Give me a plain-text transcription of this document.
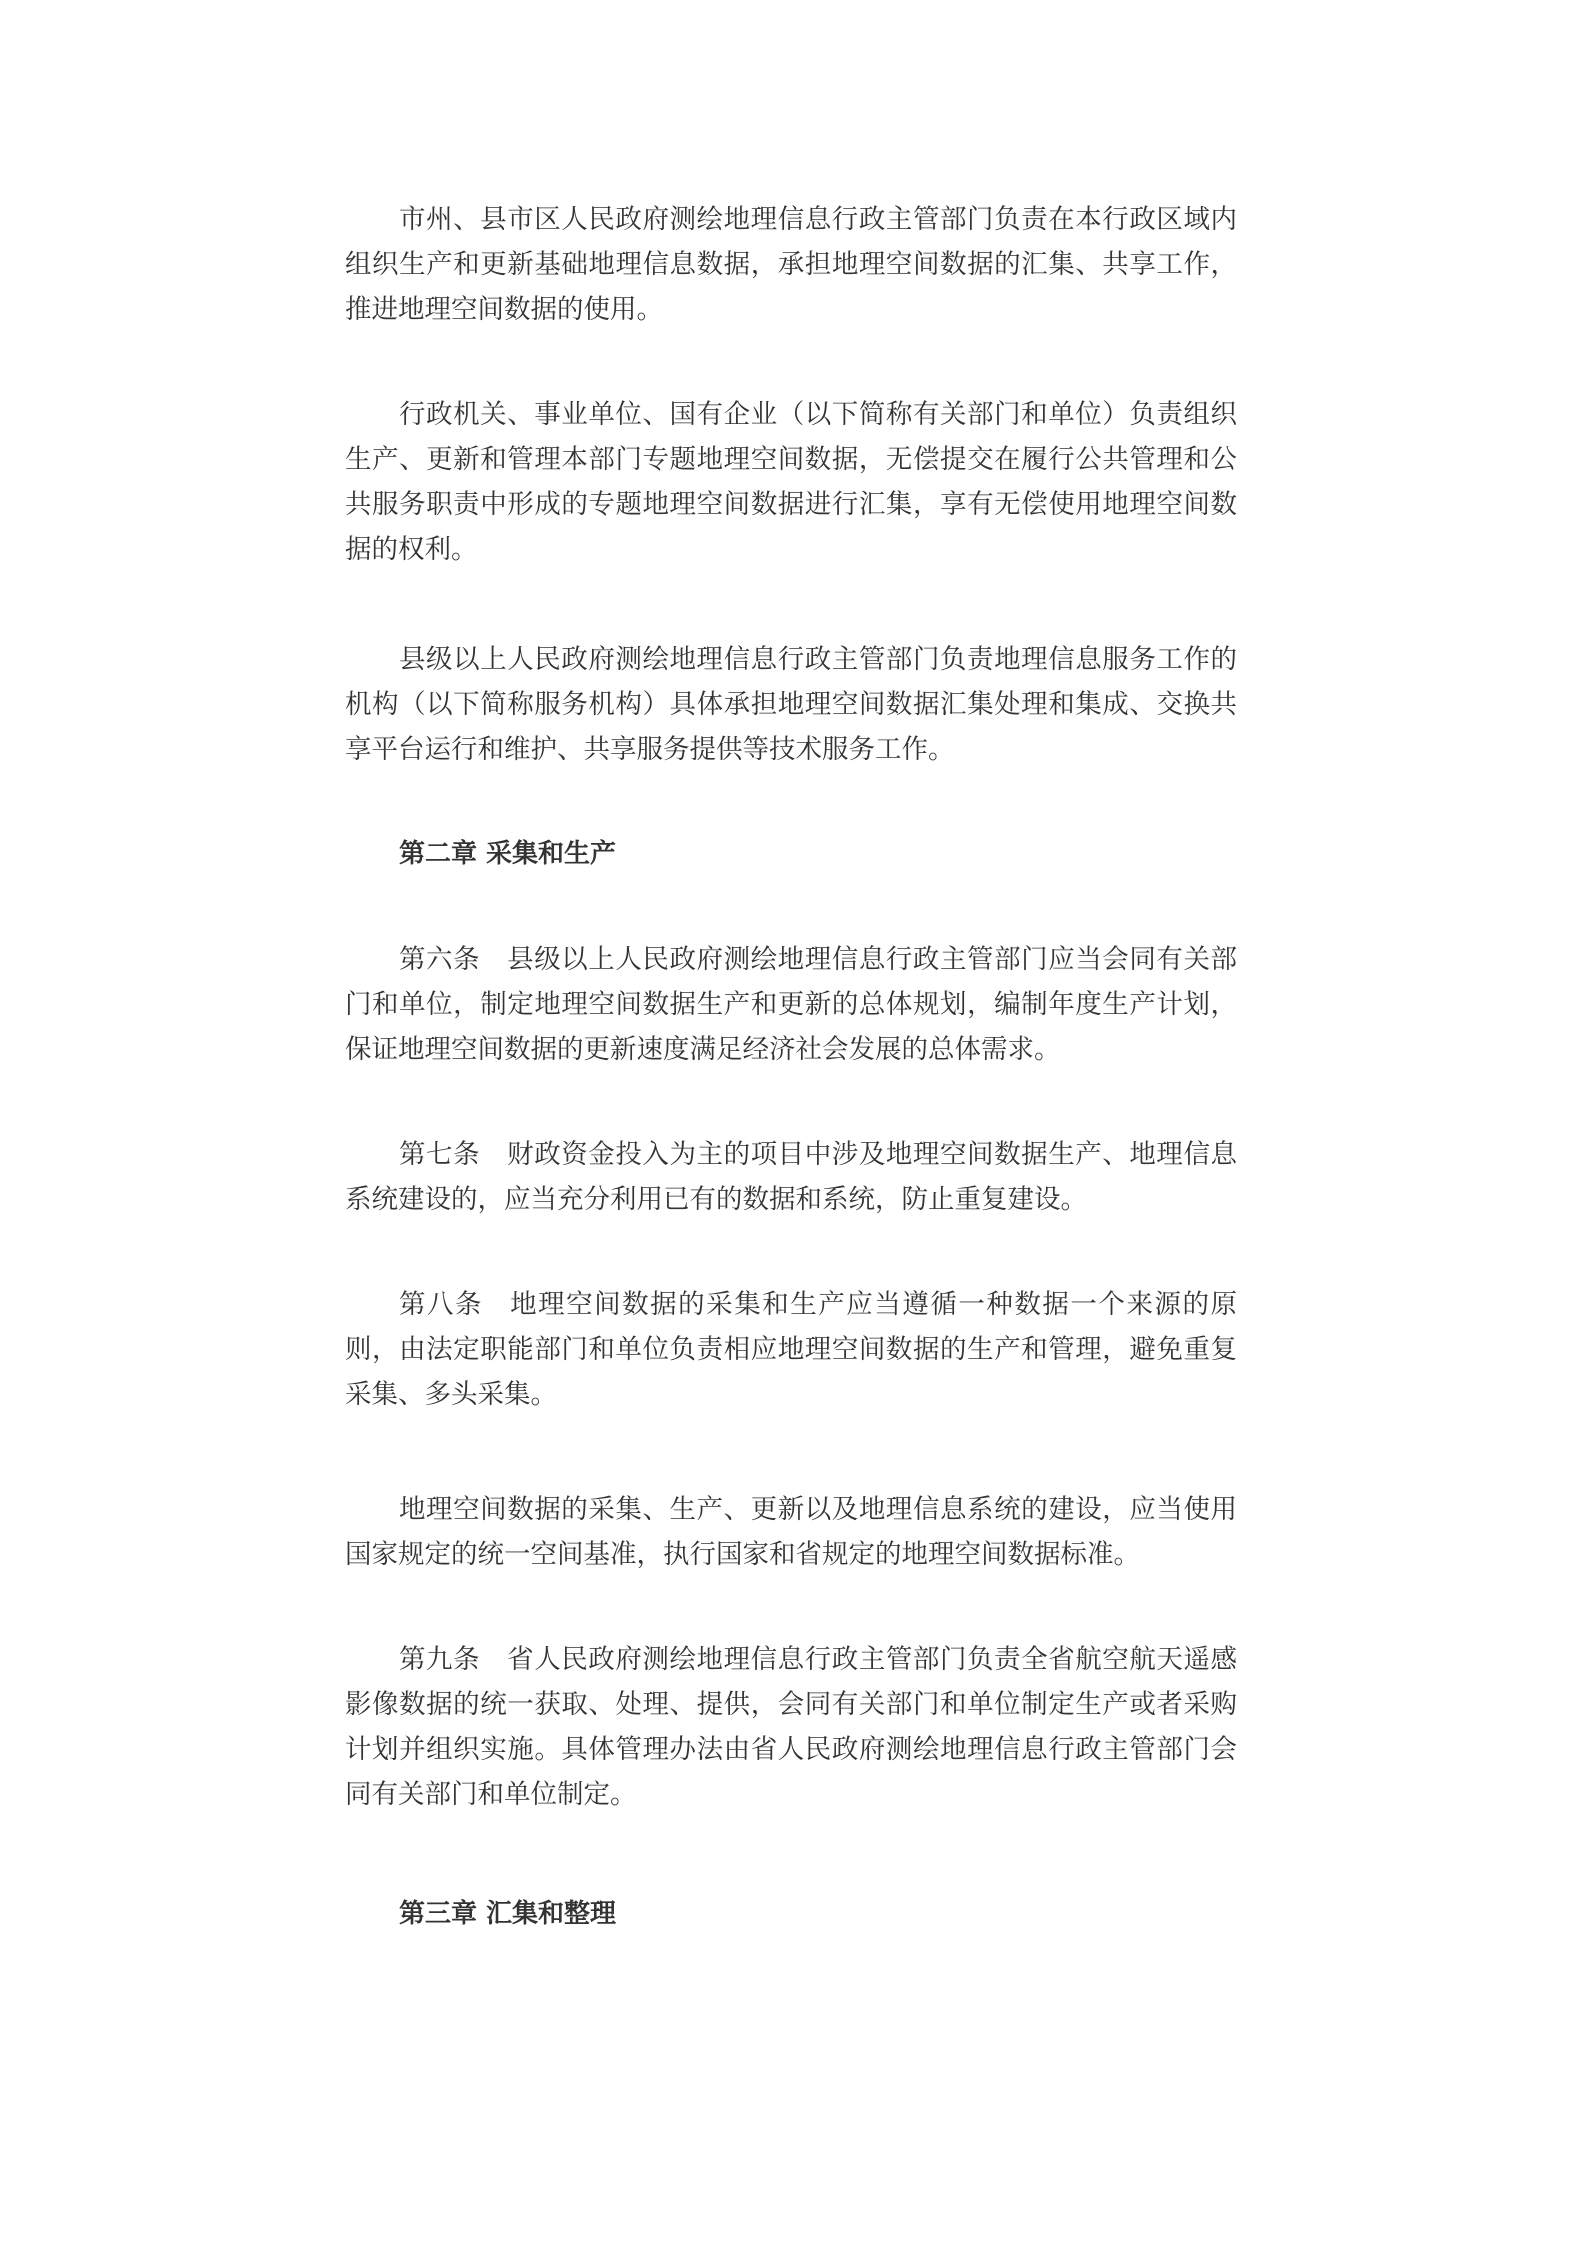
市州、县市区人民政府测绘地理信息行政主管部门负责在本行政区域内组织生产和更新基础地理信息数据，承担地理空间数据的汇集、共享工作，推进地理空间数据的使用。

行政机关、事业单位、国有企业（以下简称有关部门和单位）负责组织生产、更新和管理本部门专题地理空间数据，无偿提交在履行公共管理和公共服务职责中形成的专题地理空间数据进行汇集，享有无偿使用地理空间数据的权利。

县级以上人民政府测绘地理信息行政主管部门负责地理信息服务工作的机构（以下简称服务机构）具体承担地理空间数据汇集处理和集成、交换共享平台运行和维护、共享服务提供等技术服务工作。

第二章 采集和生产

第六条 县级以上人民政府测绘地理信息行政主管部门应当会同有关部门和单位，制定地理空间数据生产和更新的总体规划，编制年度生产计划，保证地理空间数据的更新速度满足经济社会发展的总体需求。

第七条 财政资金投入为主的项目中涉及地理空间数据生产、地理信息系统建设的，应当充分利用已有的数据和系统，防止重复建设。

第八条 地理空间数据的采集和生产应当遵循一种数据一个来源的原则，由法定职能部门和单位负责相应地理空间数据的生产和管理，避免重复采集、多头采集。

地理空间数据的采集、生产、更新以及地理信息系统的建设，应当使用国家规定的统一空间基准，执行国家和省规定的地理空间数据标准。

第九条 省人民政府测绘地理信息行政主管部门负责全省航空航天遥感影像数据的统一获取、处理、提供，会同有关部门和单位制定生产或者采购计划并组织实施。具体管理办法由省人民政府测绘地理信息行政主管部门会同有关部门和单位制定。

第三章 汇集和整理
